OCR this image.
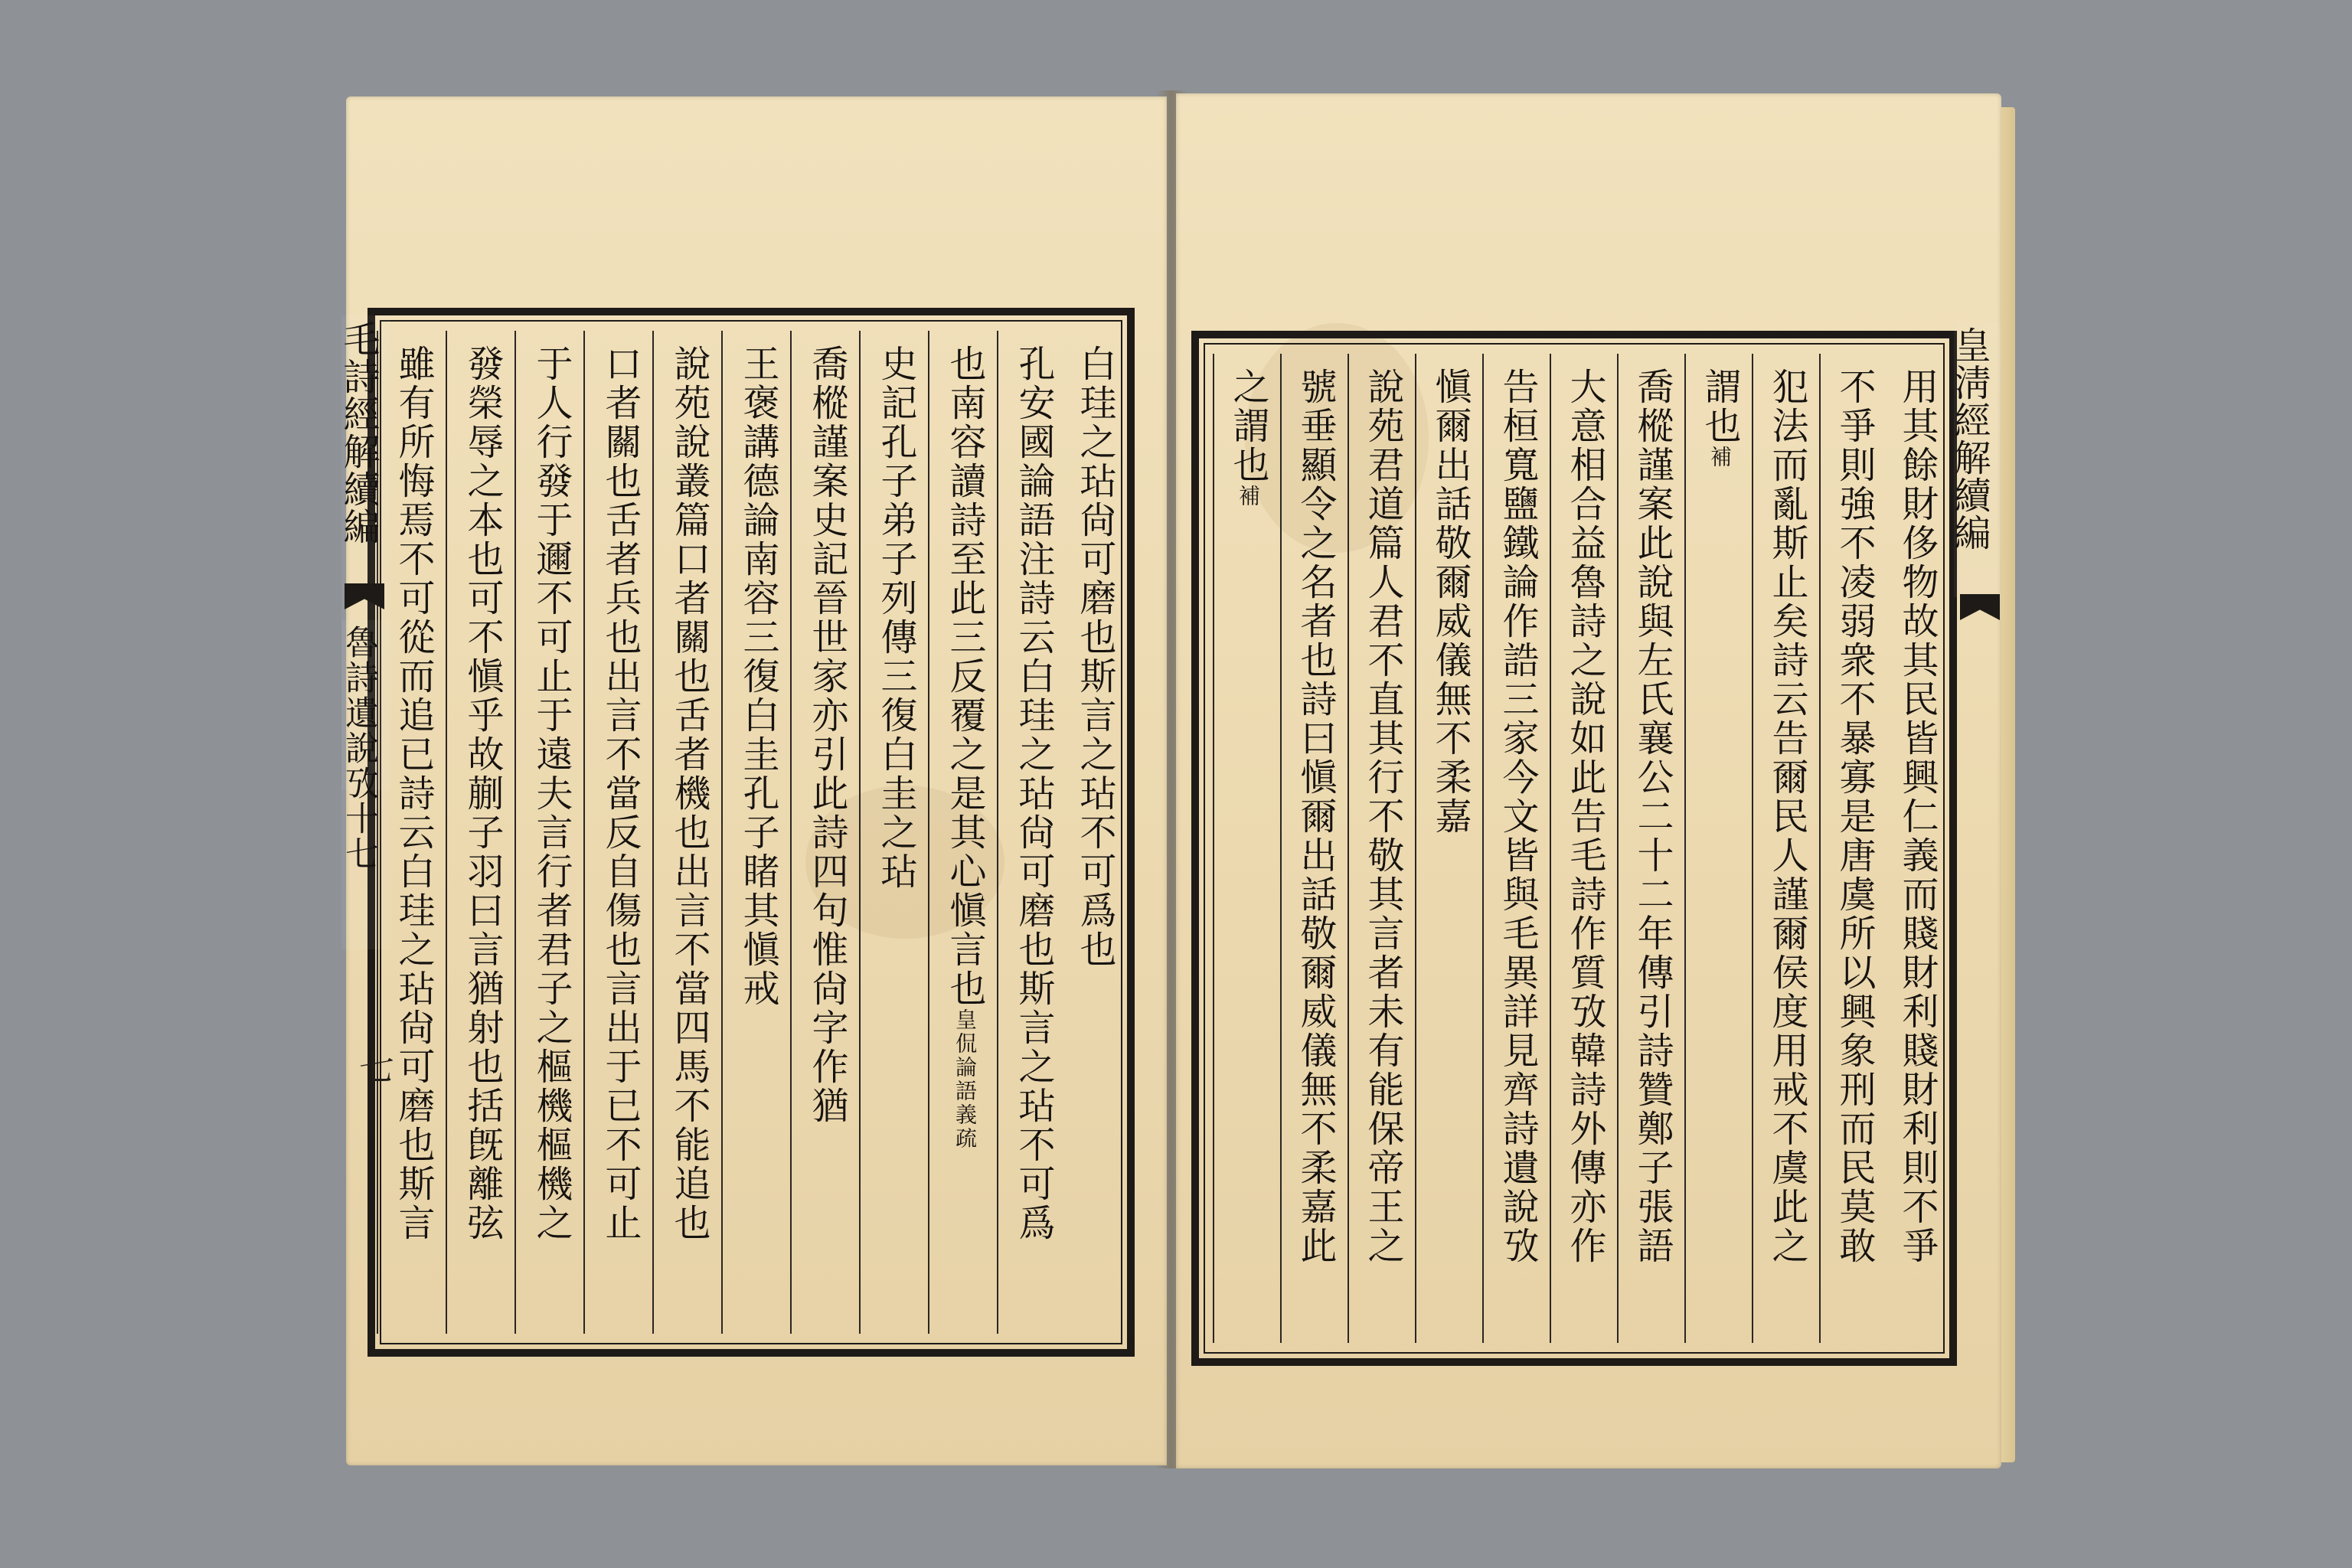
白珪之玷尙可磨也斯言之玷不可爲也
孔安國論語注詩云白珪之玷尙可磨也斯言之玷不可爲
也南容讀詩至此三反覆之是其心愼言也皇侃論語義疏
史記孔子弟子列傳三復白圭之玷
喬樅謹案史記晉世家亦引此詩四句惟尙字作猶
王褒講德論南容三復白圭孔子睹其愼戒
說苑說叢篇口者關也舌者機也出言不當四馬不能追也
口者關也舌者兵也出言不當反自傷也言出于已不可止
于人行發于邇不可止于遠夫言行者君子之樞機樞機之
發榮辱之本也可不愼乎故蒯子羽曰言猶射也括旣離弦
雖有所悔焉不可從而追已詩云白珪之玷尙可磨也斯言
毛詩經解續編
魯詩遺說攷十七
七	用其餘財侈物故其民皆興仁義而賤財利賤財利則不爭
不爭則強不凌弱衆不暴寡是唐虞所以興象刑而民莫敢
犯法而亂斯止矣詩云告爾民人謹爾侯度用戒不虞此之
謂也補
喬樅謹案此說與左氏襄公二十二年傳引詩贊鄭子張語
大意相合益魯詩之說如此告毛詩作質攷韓詩外傳亦作
告桓寬鹽鐵論作誥三家今文皆與毛異詳見齊詩遺說攷
愼爾出話敬爾威儀無不柔嘉
說苑君道篇人君不直其行不敬其言者未有能保帝王之
號垂顯令之名者也詩曰愼爾出話敬爾威儀無不柔嘉此
之謂也補	皇淸經解續編
